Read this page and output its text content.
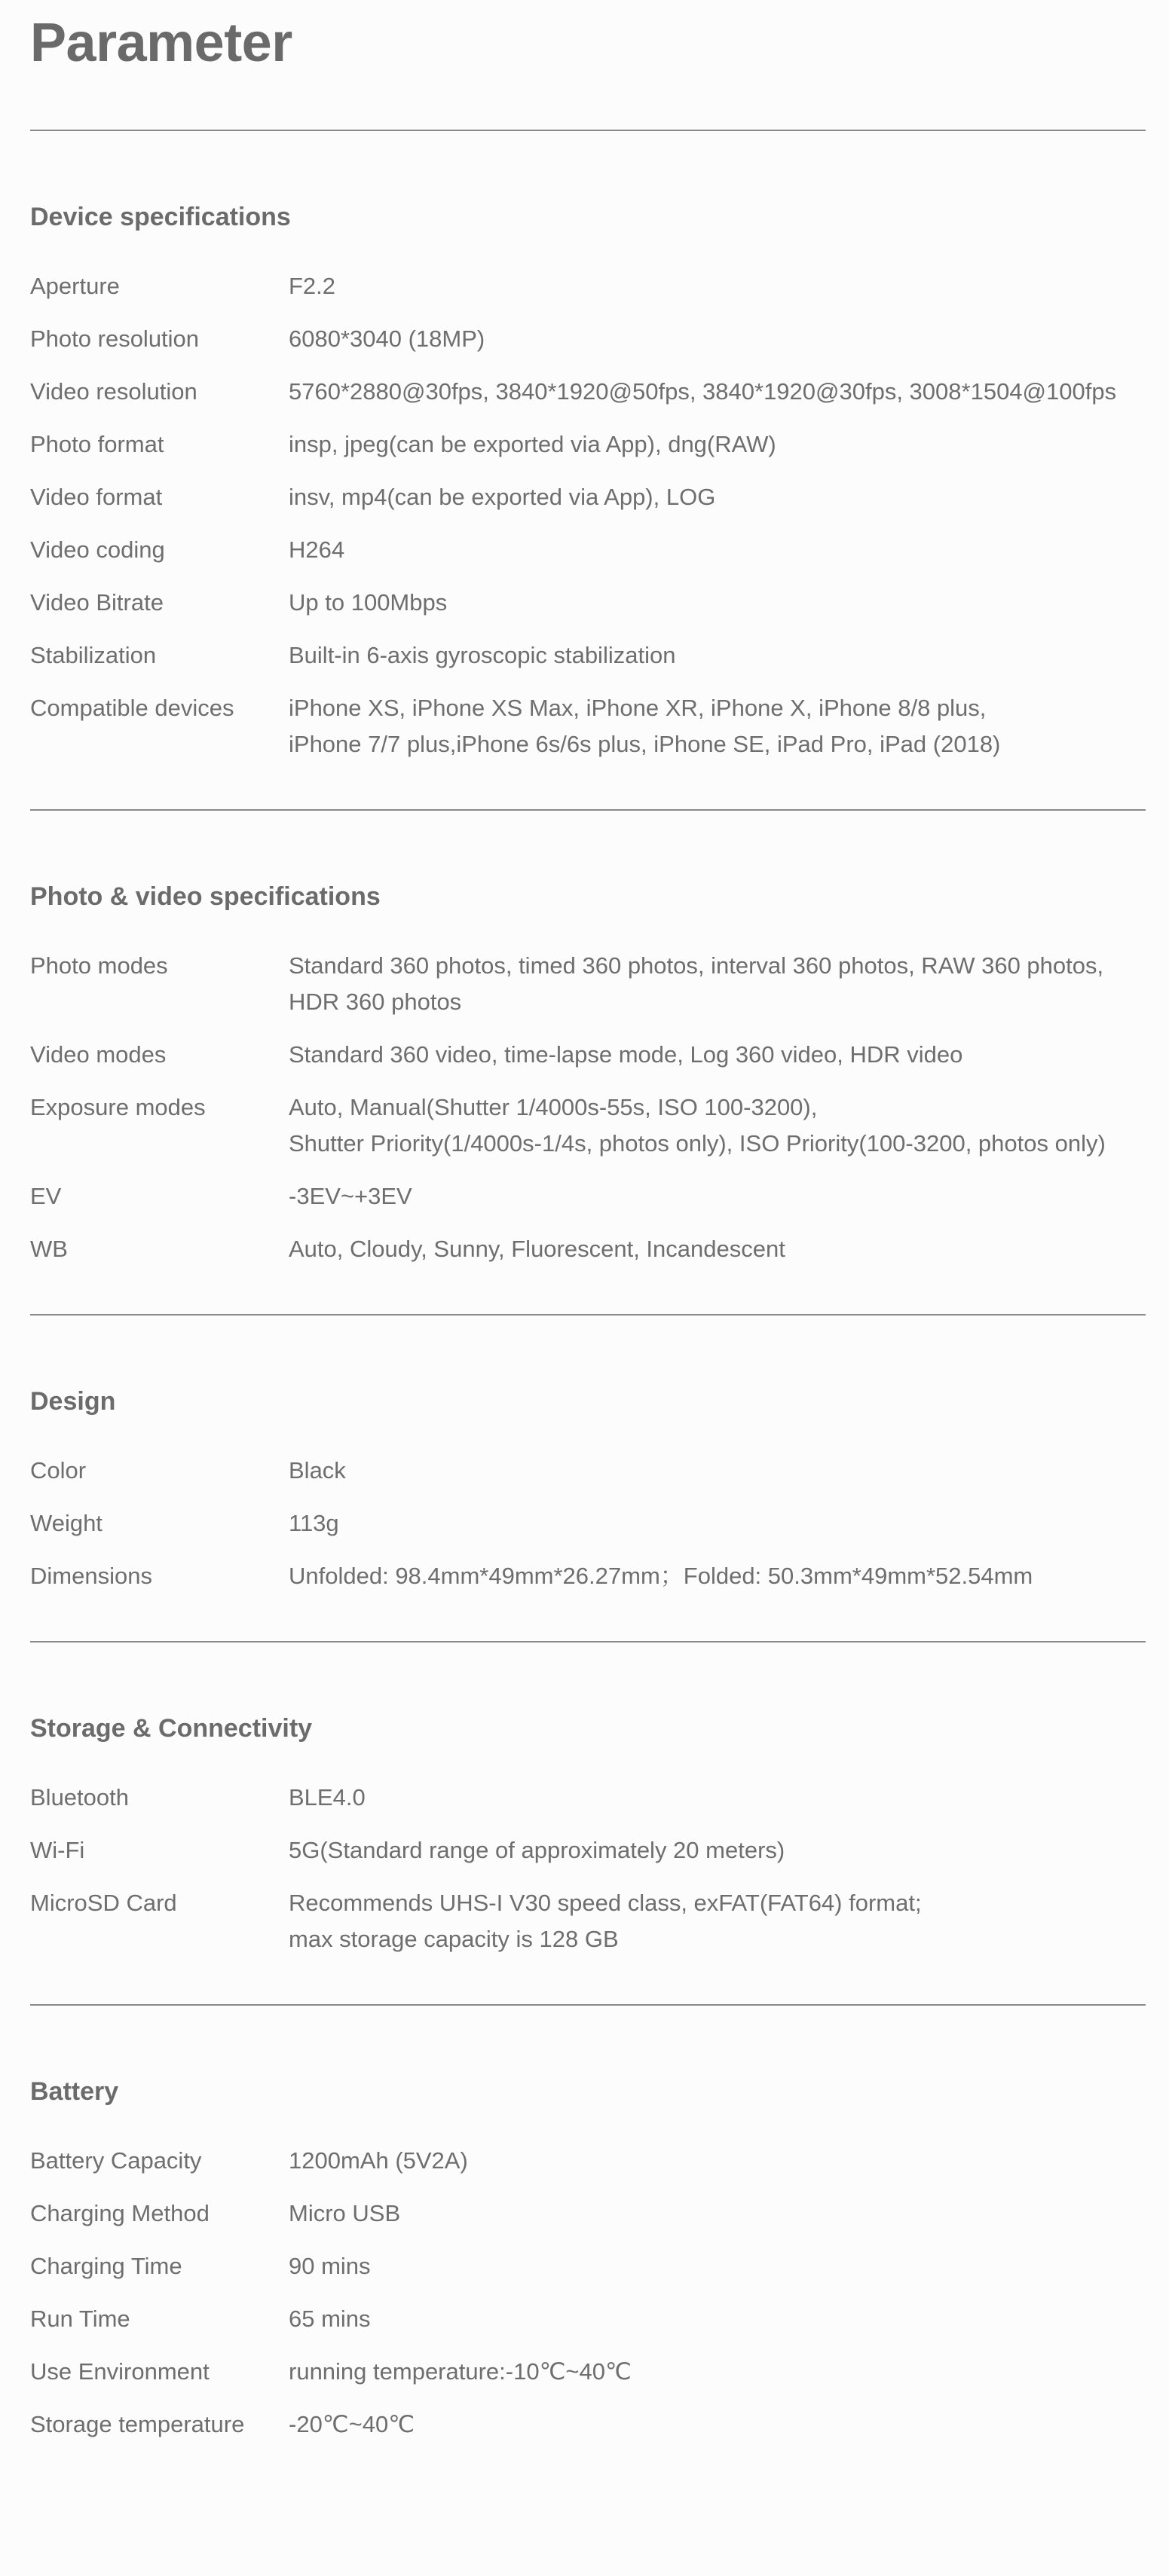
Parameter
Device specifications
Aperture	F2.2
Photo resolution	6080*3040 (18MP)
Video resolution	5760*2880@30fps, 3840*1920@50fps, 3840*1920@30fps, 3008*1504@100fps
Photo format	insp, jpeg(can be exported via App), dng(RAW)
Video format	insv, mp4(can be exported via App), LOG
Video coding	H264
Video Bitrate	Up to 100Mbps
Stabilization	Built-in 6-axis gyroscopic stabilization
Compatible devices	iPhone XS, iPhone XS Max, iPhone XR, iPhone X, iPhone 8/8 plus,
iPhone 7/7 plus,iPhone 6s/6s plus, iPhone SE, iPad Pro, iPad (2018)
Photo & video specifications
Photo modes	Standard 360 photos, timed 360 photos, interval 360 photos, RAW 360 photos,
HDR 360 photos
Video modes	Standard 360 video, time-lapse mode, Log 360 video, HDR video
Exposure modes	Auto, Manual(Shutter 1/4000s-55s, ISO 100-3200),
Shutter Priority(1/4000s-1/4s, photos only), ISO Priority(100-3200, photos only)
EV	-3EV~+3EV
WB	Auto, Cloudy, Sunny, Fluorescent, Incandescent
Design
Color	Black
Weight	113g
Dimensions	Unfolded: 98.4mm*49mm*26.27mm；Folded: 50.3mm*49mm*52.54mm
Storage & Connectivity
Bluetooth	BLE4.0
Wi-Fi	5G(Standard range of approximately 20 meters)
MicroSD Card	Recommends UHS-I V30 speed class, exFAT(FAT64) format;
max storage capacity is 128 GB
Battery
Battery Capacity	1200mAh (5V2A)
Charging Method	Micro USB
Charging Time	90 mins
Run Time	65 mins
Use Environment	running temperature:-10℃~40℃
Storage temperature	-20℃~40℃
